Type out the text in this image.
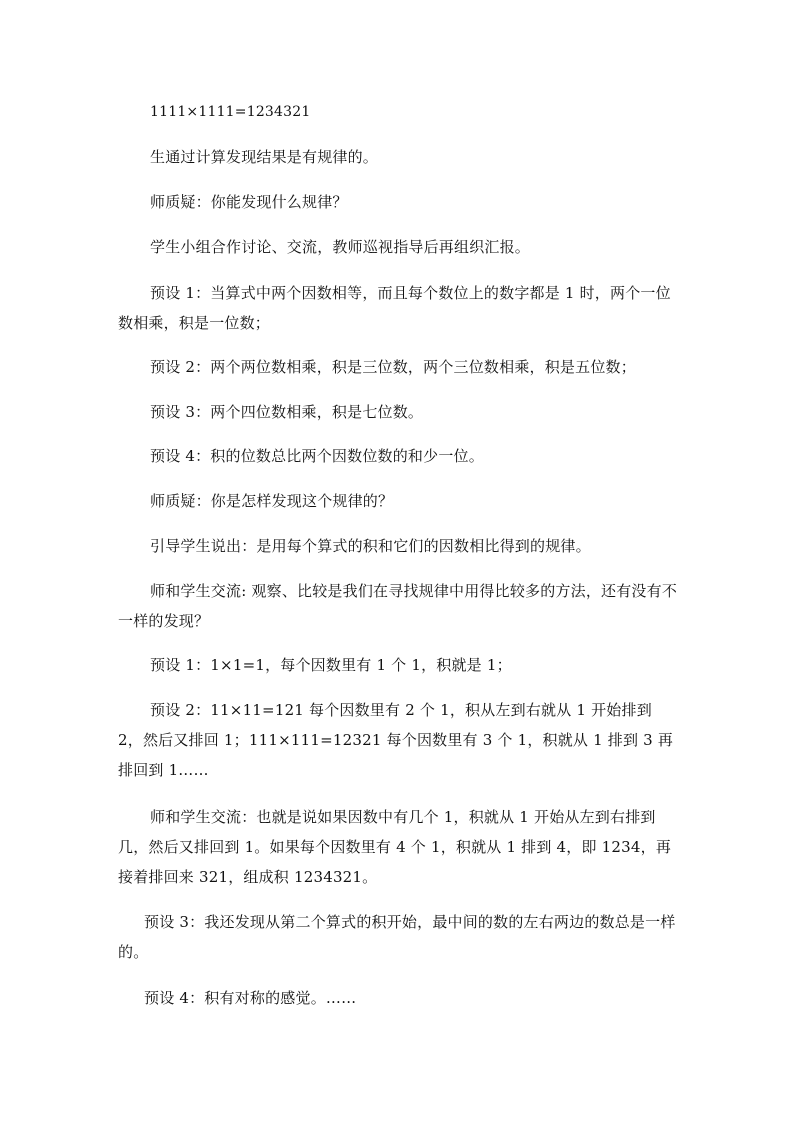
1111×1111=1234321
生通过计算发现结果是有规律的。
师质疑：你能发现什么规律？
学生小组合作讨论、交流，教师巡视指导后再组织汇报。
预设 1：当算式中两个因数相等，而且每个数位上的数字都是 1 时，两个一位数相乘，积是一位数；
预设 2：两个两位数相乘，积是三位数，两个三位数相乘，积是五位数；
预设 3：两个四位数相乘，积是七位数。
预设 4：积的位数总比两个因数位数的和少一位。
师质疑：你是怎样发现这个规律的？
引导学生说出：是用每个算式的积和它们的因数相比得到的规律。
师和学生交流: 观察、比较是我们在寻找规律中用得比较多的方法，还有没有不一样的发现？
预设 1：1×1=1，每个因数里有 1 个 1，积就是 1；
预设 2：11×11=121 每个因数里有 2 个 1，积从左到右就从 1 开始排到 2，然后又排回 1；111×111=12321 每个因数里有 3 个 1，积就从 1 排到 3 再排回到 1……
师和学生交流：也就是说如果因数中有几个 1，积就从 1 开始从左到右排到几，然后又排回到 1。如果每个因数里有 4 个 1，积就从 1 排到 4，即 1234，再接着排回来 321，组成积 1234321。
预设 3：我还发现从第二个算式的积开始，最中间的数的左右两边的数总是一样的。
预设 4：积有对称的感觉。……
